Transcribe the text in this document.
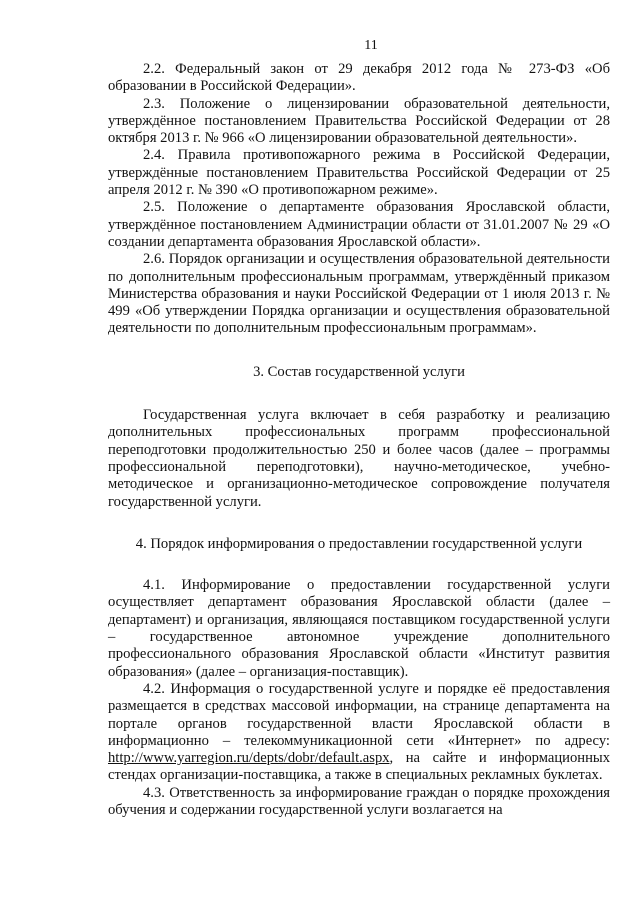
11

2.2. Федеральный закон от 29 декабря 2012 года № 273-ФЗ «Об образовании в Российской Федерации».

2.3. Положение о лицензировании образовательной деятельности, утверждённое постановлением Правительства Российской Федерации от 28 октября 2013 г. № 966 «О лицензировании образовательной деятельности».

2.4. Правила противопожарного режима в Российской Федерации, утверждённые постановлением Правительства Российской Федерации от 25 апреля 2012 г. № 390 «О противопожарном режиме».

2.5. Положение о департаменте образования Ярославской области, утверждённое постановлением Администрации области от 31.01.2007 № 29 «О создании департамента образования Ярославской области».

2.6. Порядок организации и осуществления образовательной деятельности по дополнительным профессиональным программам, утверждённый приказом Министерства образования и науки Российской Федерации от 1 июля 2013 г. № 499 «Об утверждении Порядка организации и осуществления образовательной деятельности по дополнительным профессиональным программам».

3. Состав государственной услуги

Государственная услуга включает в себя разработку и реализацию дополнительных профессиональных программ профессиональной переподготовки продолжительностью 250 и более часов (далее – программы профессиональной переподготовки), научно-методическое, учебно-методическое и организационно-методическое сопровождение получателя государственной услуги.

4. Порядок информирования о предоставлении государственной услуги

4.1. Информирование о предоставлении государственной услуги осуществляет департамент образования Ярославской области (далее – департамент) и организация, являющаяся поставщиком государственной услуги – государственное автономное учреждение дополнительного профессионального образования Ярославской области «Институт развития образования» (далее – организация-поставщик).

4.2. Информация о государственной услуге и порядке её предоставления размещается в средствах массовой информации, на странице департамента на портале органов государственной власти Ярославской области в информационно – телекоммуникационной сети «Интернет» по адресу: http://www.yarregion.ru/depts/dobr/default.aspx, на сайте и информационных стендах организации-поставщика, а также в специальных рекламных буклетах.

4.3. Ответственность за информирование граждан о порядке прохождения обучения и содержании государственной услуги возлагается на
